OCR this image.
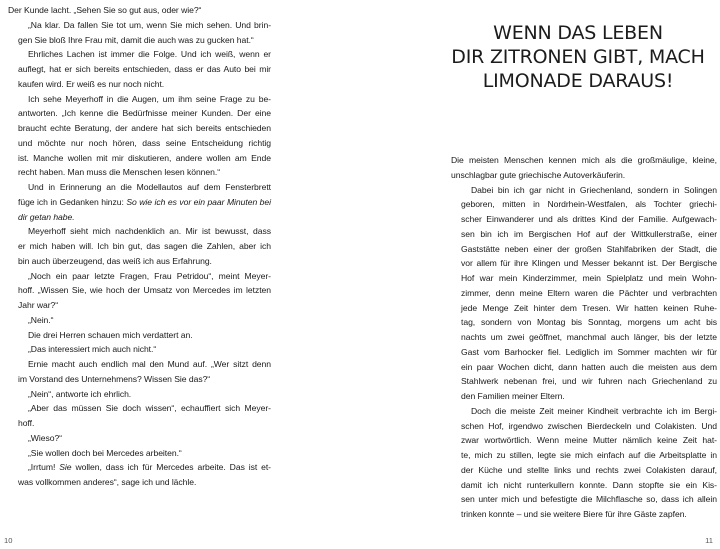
Der Kunde lacht. „Sehen Sie so gut aus, oder wie?“

„Na klar. Da fallen Sie tot um, wenn Sie mich sehen. Und brin-
gen Sie bloß Ihre Frau mit, damit die auch was zu gucken hat.“

Ehrliches Lachen ist immer die Folge. Und ich weiß, wenn er
auflegt, hat er sich bereits entschieden, dass er das Auto bei mir
kaufen wird. Er weiß es nur noch nicht.

Ich sehe Meyerhoff in die Augen, um ihm seine Frage zu be-
antworten. „Ich kenne die Bedürfnisse meiner Kunden. Der eine
braucht echte Beratung, der andere hat sich bereits entschieden
und möchte nur noch hören, dass seine Entscheidung richtig
ist. Manche wollen mit mir diskutieren, andere wollen am Ende
recht haben. Man muss die Menschen lesen können.“

Und in Erinnerung an die Modellautos auf dem Fensterbrett
füge ich in Gedanken hinzu: So wie ich es vor ein paar Minuten bei
dir getan habe.

Meyerhoff sieht mich nachdenklich an. Mir ist bewusst, dass
er mich haben will. Ich bin gut, das sagen die Zahlen, aber ich
bin auch überzeugend, das weiß ich aus Erfahrung.

„Noch ein paar letzte Fragen, Frau Petridou“, meint Meyer-
hoff. „Wissen Sie, wie hoch der Umsatz von Mercedes im letzten
Jahr war?“

„Nein.“

Die drei Herren schauen mich verdattert an.

„Das interessiert mich auch nicht.“

Ernie macht auch endlich mal den Mund auf. „Wer sitzt denn
im Vorstand des Unternehmens? Wissen Sie das?“

„Nein“, antworte ich ehrlich.

„Aber das müssen Sie doch wissen“, echauffiert sich Meyer-
hoff.

„Wieso?“

„Sie wollen doch bei Mercedes arbeiten.“

„Irrtum! Sie wollen, dass ich für Mercedes arbeite. Das ist et-
was vollkommen anderes“, sage ich und lächle.

10
WENN DAS LEBEN
DIR ZITRONEN GIBT, MACH
LIMONADE DARAUS!

Die meisten Menschen kennen mich als die großmäulige, kleine,
unschlagbar gute griechische Autoverkäuferin.

Dabei bin ich gar nicht in Griechenland, sondern in Solingen
geboren, mitten in Nordrhein-Westfalen, als Tochter griechi-
scher Einwanderer und als drittes Kind der Familie. Aufgewach-
sen bin ich im Bergischen Hof auf der Wittkullerstraße, einer
Gaststätte neben einer der großen Stahlfabriken der Stadt, die
vor allem für ihre Klingen und Messer bekannt ist. Der Bergische
Hof war mein Kinderzimmer, mein Spielplatz und mein Wohn-
zimmer, denn meine Eltern waren die Pächter und verbrachten
jede Menge Zeit hinter dem Tresen. Wir hatten keinen Ruhe-
tag, sondern von Montag bis Sonntag, morgens um acht bis
nachts um zwei geöffnet, manchmal auch länger, bis der letzte
Gast vom Barhocker fiel. Lediglich im Sommer machten wir für
ein paar Wochen dicht, dann hatten auch die meisten aus dem
Stahlwerk nebenan frei, und wir fuhren nach Griechenland zu
den Familien meiner Eltern.

Doch die meiste Zeit meiner Kindheit verbrachte ich im Bergi-
schen Hof, irgendwo zwischen Bierdeckeln und Colakisten. Und
zwar wortwörtlich. Wenn meine Mutter nämlich keine Zeit hat-
te, mich zu stillen, legte sie mich einfach auf die Arbeitsplatte in
der Küche und stellte links und rechts zwei Colakisten darauf,
damit ich nicht runterkullern konnte. Dann stopfte sie ein Kis-
sen unter mich und befestigte die Milchflasche so, dass ich allein
trinken konnte – und sie weitere Biere für ihre Gäste zapfen.

11
